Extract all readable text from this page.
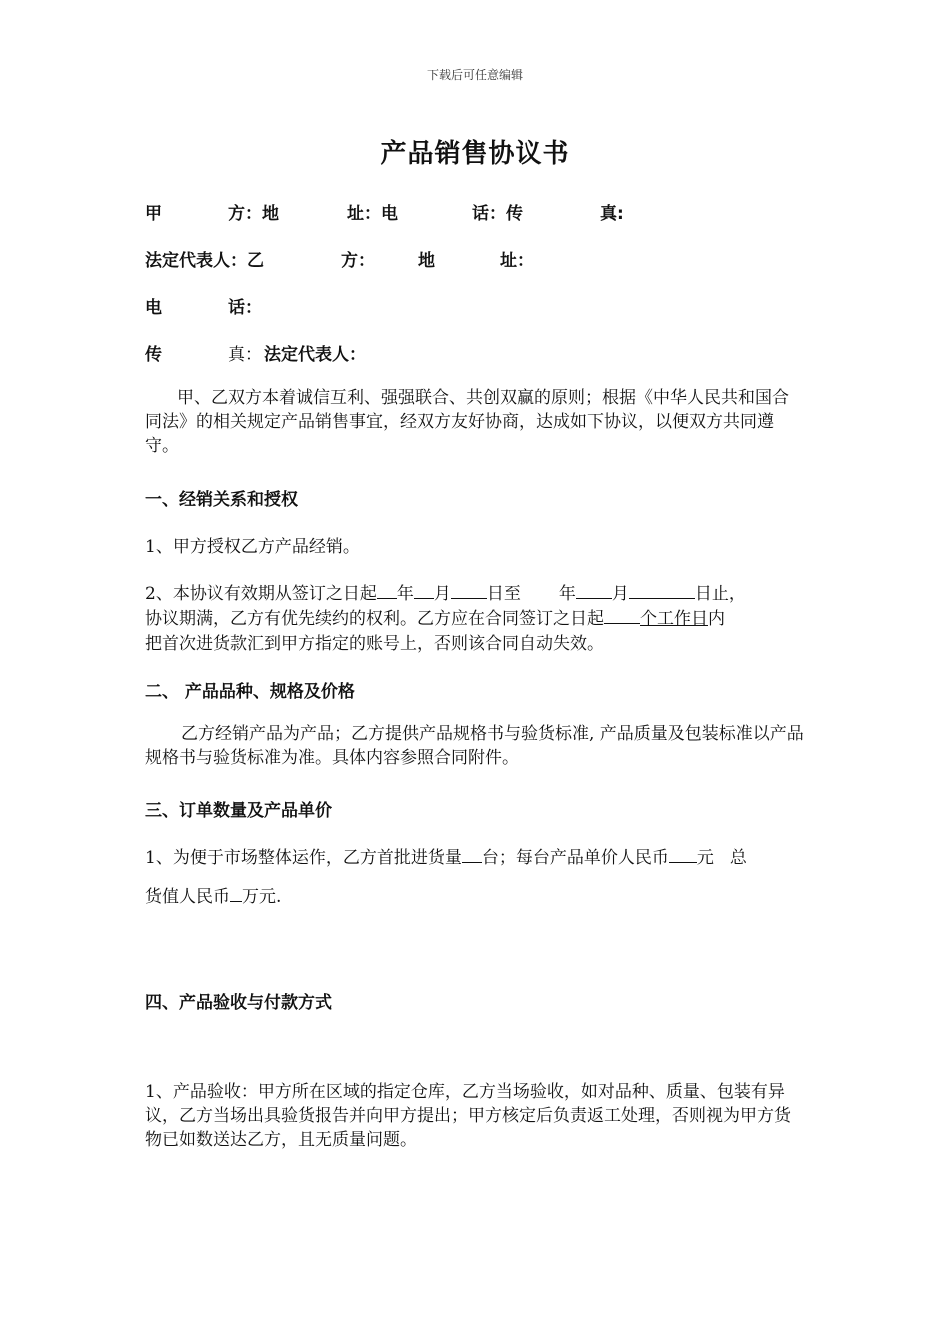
下载后可任意编辑
产品销售协议书
甲	方：地	址：电	话：传	真:
法定代表人：乙	方：	地	址：
电	话：
传	真： 法定代表人：
甲、乙双方本着诚信互利、强强联合、共创双赢的原则；根据《中华人民共和国合同法》的相关规定产品销售事宜，经双方友好协商，达成如下协议，以便双方共同遵守。
一、经销关系和授权
1、甲方授权乙方产品经销。
2、本协议有效期从签订之日起 年 月 日至 年 月	日止，
协议期满，乙方有优先续约的权利。乙方应在合同签订之日起 个工作日内
把首次进货款汇到甲方指定的账号上，否则该合同自动失效。
二、 产品品种、规格及价格
乙方经销产品为产品；乙方提供产品规格书与验货标准, 产品质量及包装标准以产品规格书与验货标准为准。具体内容参照合同附件。
三、订单数量及产品单价
1、为便于市场整体运作，乙方首批进货量 台；每台产品单价人民币 元 总
货值人民币 万元.
四、产品验收与付款方式
1、产品验收：甲方所在区域的指定仓库，乙方当场验收，如对品种、质量、包装有异议，乙方当场出具验货报告并向甲方提出；甲方核定后负责返工处理，否则视为甲方货物已如数送达乙方，且无质量问题。
